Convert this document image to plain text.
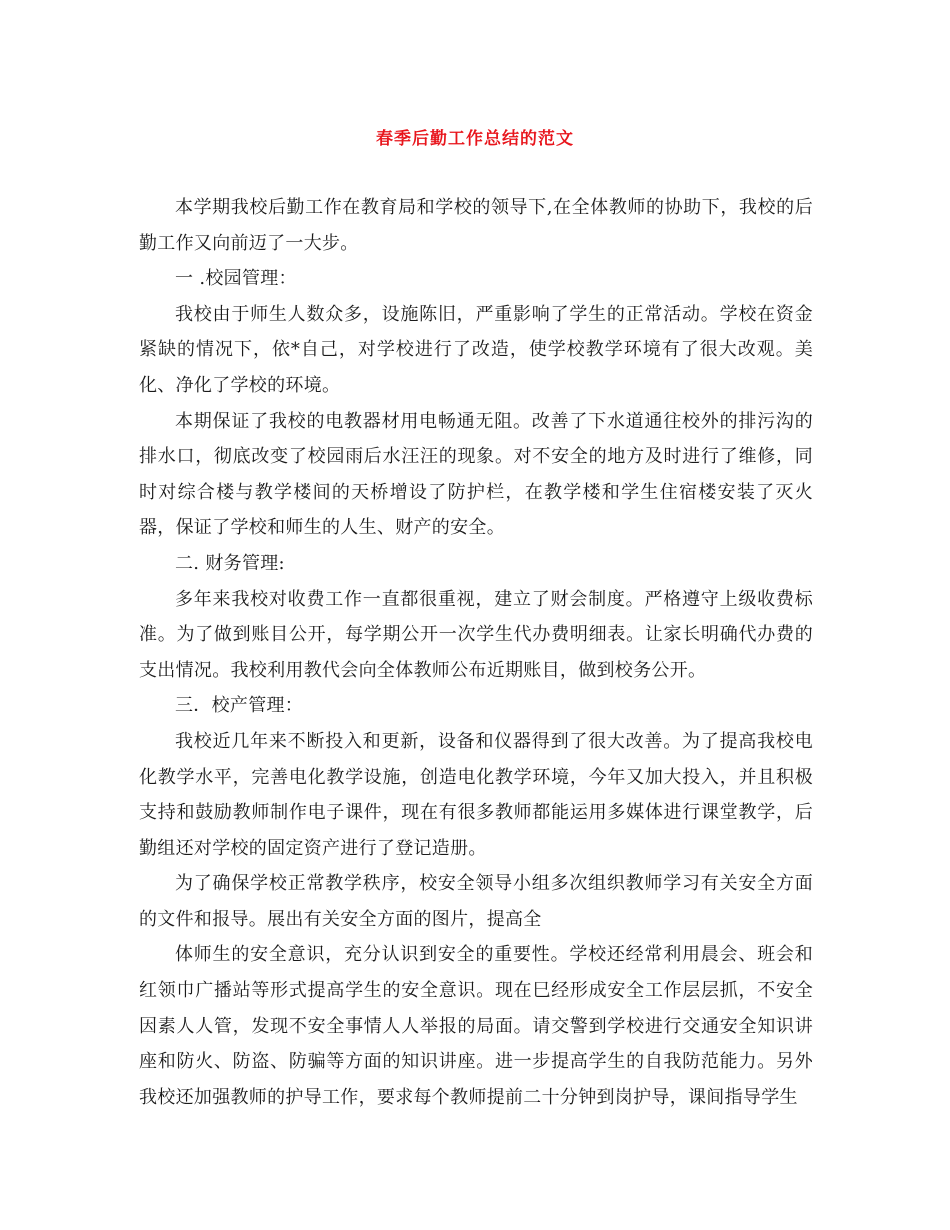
春季后勤工作总结的范文

本学期我校后勤工作在教育局和学校的领导下,在全体教师的协助下，我校的后勤工作又向前迈了一大步。

一 .校园管理：

我校由于师生人数众多，设施陈旧，严重影响了学生的正常活动。学校在资金紧缺的情况下，依*自己，对学校进行了改造，使学校教学环境有了很大改观。美化、净化了学校的环境。

本期保证了我校的电教器材用电畅通无阻。改善了下水道通往校外的排污沟的排水口，彻底改变了校园雨后水汪汪的现象。对不安全的地方及时进行了维修，同时对综合楼与教学楼间的天桥增设了防护栏，在教学楼和学生住宿楼安装了灭火器，保证了学校和师生的人生、财产的安全。

二. 财务管理:

多年来我校对收费工作一直都很重视，建立了财会制度。严格遵守上级收费标准。为了做到账目公开，每学期公开一次学生代办费明细表。让家长明确代办费的支出情况。我校利用教代会向全体教师公布近期账目，做到校务公开。

三．校产管理：

我校近几年来不断投入和更新，设备和仪器得到了很大改善。为了提高我校电化教学水平，完善电化教学设施，创造电化教学环境，今年又加大投入，并且积极支持和鼓励教师制作电子课件，现在有很多教师都能运用多媒体进行课堂教学，后勤组还对学校的固定资产进行了登记造册。

为了确保学校正常教学秩序，校安全领导小组多次组织教师学习有关安全方面的文件和报导。展出有关安全方面的图片，提高全

体师生的安全意识，充分认识到安全的重要性。学校还经常利用晨会、班会和红领巾广播站等形式提高学生的安全意识。现在巳经形成安全工作层层抓，不安全因素人人管，发现不安全事情人人举报的局面。请交警到学校进行交通安全知识讲座和防火、防盗、防骗等方面的知识讲座。进一步提高学生的自我防范能力。另外我校还加强教师的护导工作，要求每个教师提前二十分钟到岗护导，课间指导学生
